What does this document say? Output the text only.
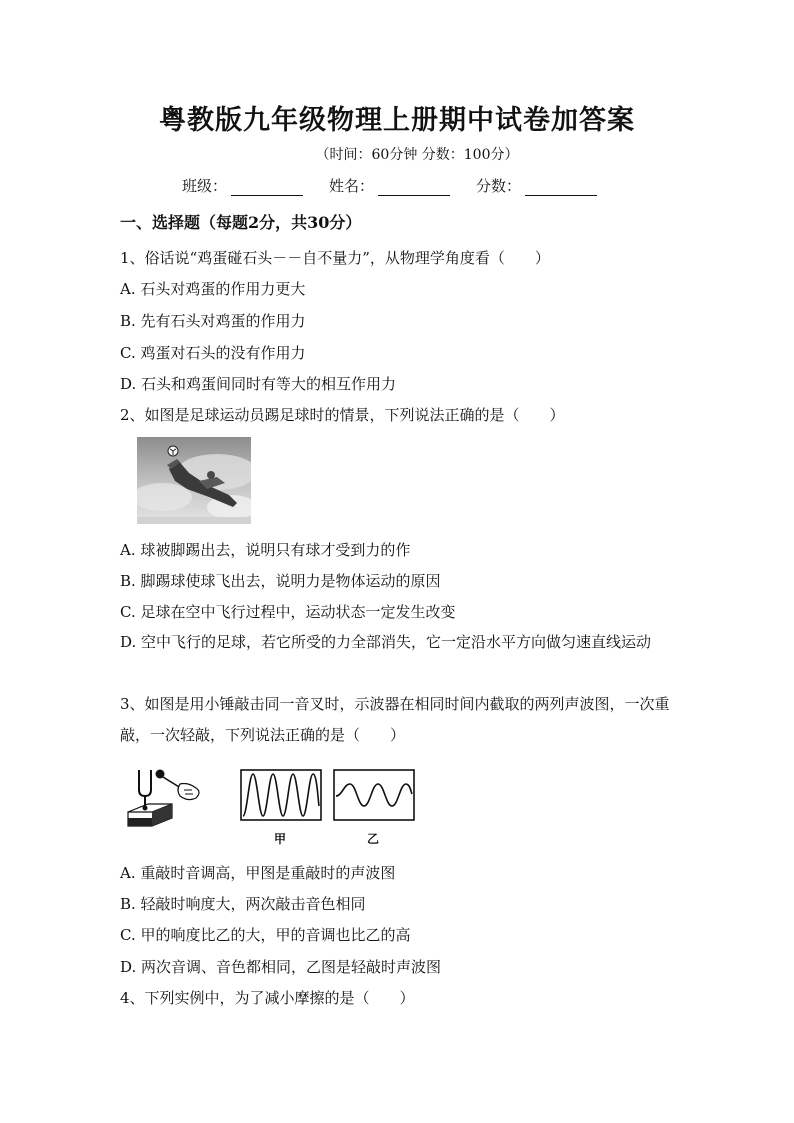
粤教版九年级物理上册期中试卷加答案
（时间：60分钟 分数：100分）
班级：	姓名：	分数：
一、选择题（每题2分，共30分）
1、俗话说“鸡蛋碰石头－－自不量力”，从物理学角度看（　　）
A. 石头对鸡蛋的作用力更大
B. 先有石头对鸡蛋的作用力
C. 鸡蛋对石头的没有作用力
D. 石头和鸡蛋间同时有等大的相互作用力
2、如图是足球运动员踢足球时的情景，下列说法正确的是（　　）
A. 球被脚踢出去，说明只有球才受到力的作
B. 脚踢球使球飞出去，说明力是物体运动的原因
C. 足球在空中飞行过程中，运动状态一定发生改变
D. 空中飞行的足球，若它所受的力全部消失，它一定沿水平方向做匀速直线运动
3、如图是用小锤敲击同一音叉时，示波器在相同时间内截取的两列声波图，一次重敲，一次轻敲，下列说法正确的是（　　）
甲	乙
A. 重敲时音调高，甲图是重敲时的声波图
B. 轻敲时响度大，两次敲击音色相同
C. 甲的响度比乙的大，甲的音调也比乙的高
D. 两次音调、音色都相同，乙图是轻敲时声波图
4、下列实例中，为了减小摩擦的是（　　）
